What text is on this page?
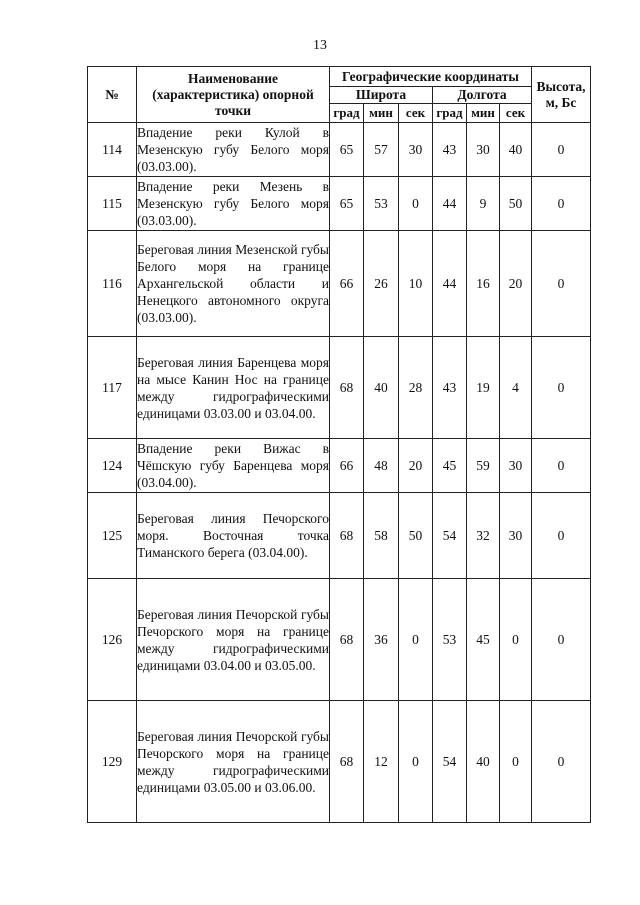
13
№	Наименование (характеристика) опорной точки	Географические координаты						Высота, м, Бс
		Широта			Долгота			
		град	мин	сек	град	мин	сек	
114	Впадение реки Кулой в Мезенскую губу Белого моря (03.03.00).	65	57	30	43	30	40	0
115	Впадение реки Мезень в Мезенскую губу Белого моря (03.03.00).	65	53	0	44	9	50	0
116	Береговая линия Мезенской губы Белого моря на границе Архангельской области и Ненецкого автономного округа (03.03.00).	66	26	10	44	16	20	0
117	Береговая линия Баренцева моря на мысе Канин Нос на границе между гидрографическими единицами 03.03.00 и 03.04.00.	68	40	28	43	19	4	0
124	Впадение реки Вижас в Чёшскую губу Баренцева моря (03.04.00).	66	48	20	45	59	30	0
125	Береговая линия Печорского моря. Восточная точка Тиманского берега (03.04.00).	68	58	50	54	32	30	0
126	Береговая линия Печорской губы Печорского моря на границе между гидрографическими единицами 03.04.00 и 03.05.00.	68	36	0	53	45	0	0
129	Береговая линия Печорской губы Печорского моря на границе между гидрографическими единицами 03.05.00 и 03.06.00.	68	12	0	54	40	0	0
